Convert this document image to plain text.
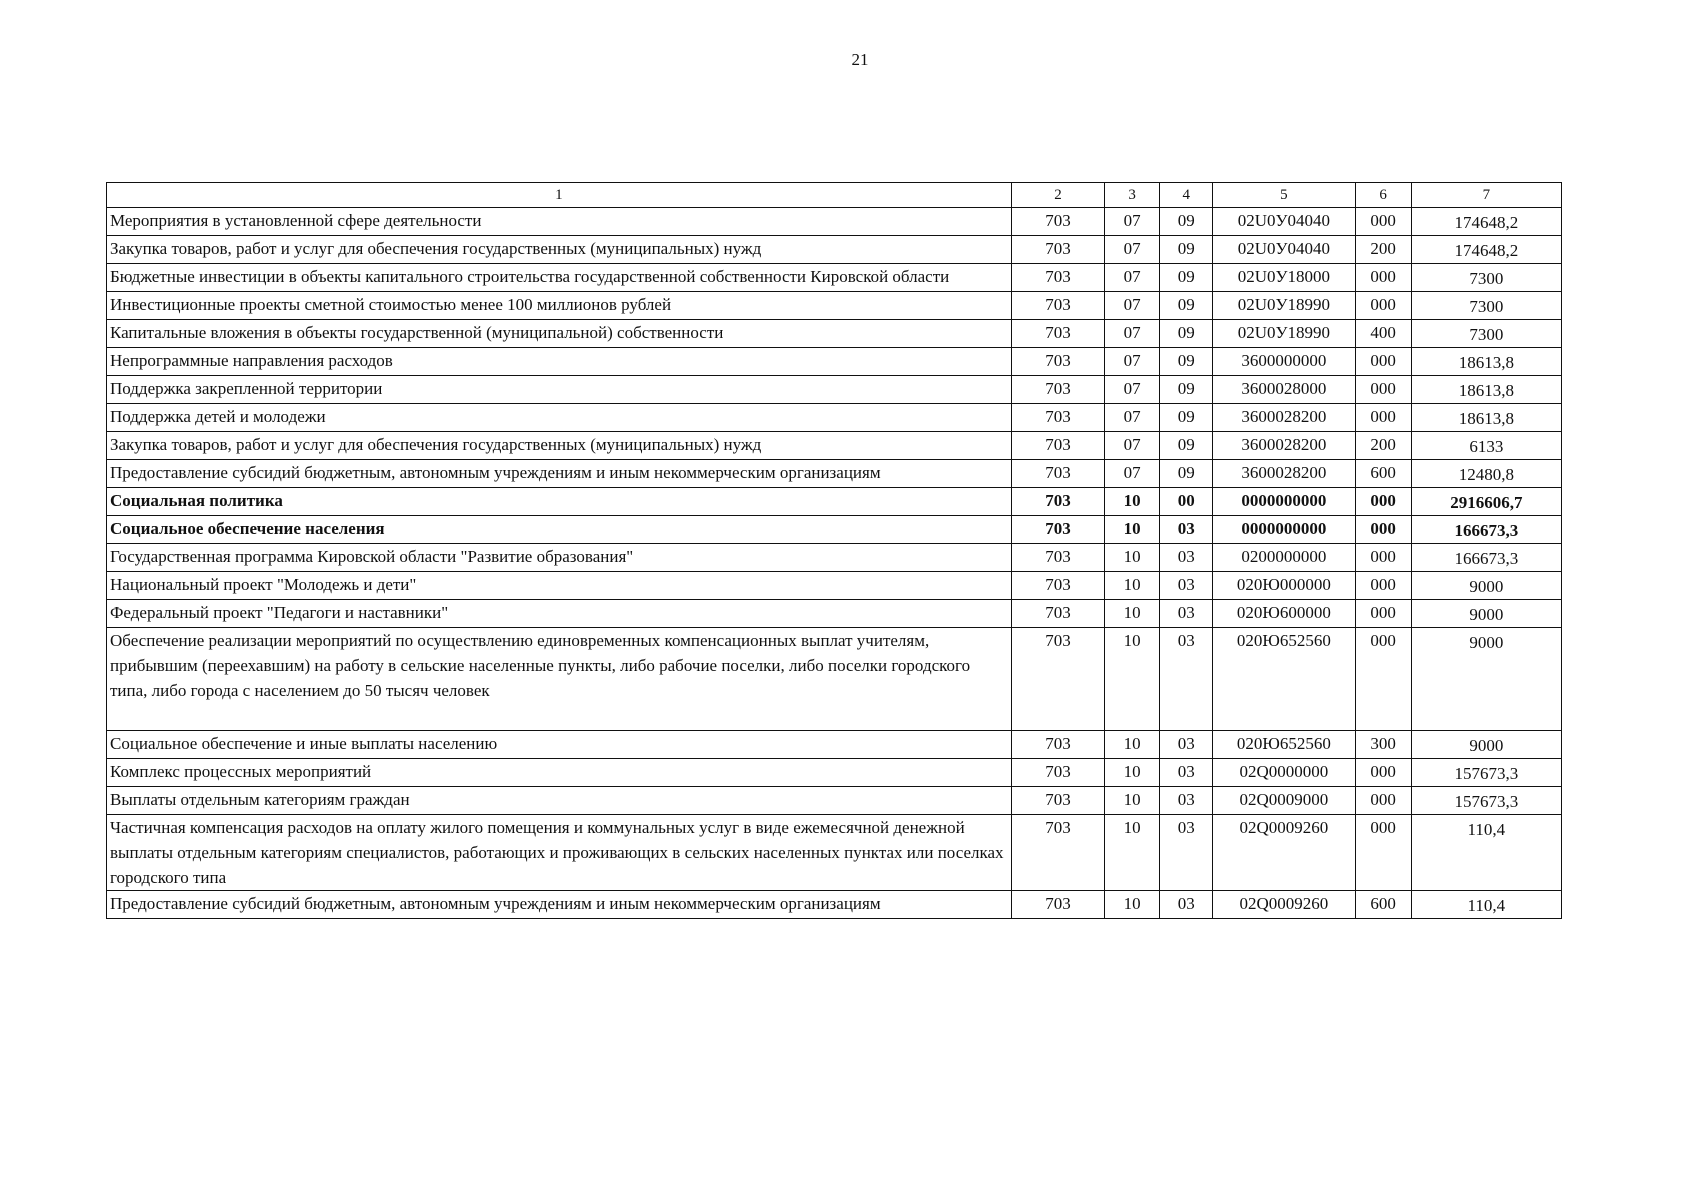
21
1	2	3	4	5	6	7
Мероприятия в установленной сфере деятельности	703	07	09	02U0У04040	000	174648,2
Закупка товаров, работ и услуг для обеспечения государственных (муниципальных) нужд	703	07	09	02U0У04040	200	174648,2
Бюджетные инвестиции в объекты капитального строительства государственной собственности Кировской области	703	07	09	02U0У18000	000	7300
Инвестиционные проекты сметной стоимостью менее 100 миллионов рублей	703	07	09	02U0У18990	000	7300
Капитальные вложения в объекты государственной (муниципальной) собственности	703	07	09	02U0У18990	400	7300
Непрограммные направления расходов	703	07	09	3600000000	000	18613,8
Поддержка закрепленной территории	703	07	09	3600028000	000	18613,8
Поддержка детей и молодежи	703	07	09	3600028200	000	18613,8
Закупка товаров, работ и услуг для обеспечения государственных (муниципальных) нужд	703	07	09	3600028200	200	6133
Предоставление субсидий бюджетным, автономным учреждениям и иным некоммерческим организациям	703	07	09	3600028200	600	12480,8
Социальная политика	703	10	00	0000000000	000	2916606,7
Социальное обеспечение населения	703	10	03	0000000000	000	166673,3
Государственная программа Кировской области "Развитие образования"	703	10	03	0200000000	000	166673,3
Национальный проект "Молодежь и дети"	703	10	03	020Ю000000	000	9000
Федеральный проект "Педагоги и наставники"	703	10	03	020Ю600000	000	9000
Обеспечение реализации мероприятий по осуществлению единовременных компенсационных выплат учителям, прибывшим (переехавшим) на работу в сельские населенные пункты, либо рабочие поселки, либо поселки городского типа, либо города с населением до 50 тысяч человек	703	10	03	020Ю652560	000	9000
Социальное обеспечение и иные выплаты населению	703	10	03	020Ю652560	300	9000
Комплекс процессных мероприятий	703	10	03	02Q0000000	000	157673,3
Выплаты отдельным категориям граждан	703	10	03	02Q0009000	000	157673,3
Частичная компенсация расходов на оплату жилого помещения и коммунальных услуг в виде ежемесячной денежной выплаты отдельным категориям специалистов, работающих и проживающих в сельских населенных пунктах или поселках городского типа	703	10	03	02Q0009260	000	110,4
Предоставление субсидий бюджетным, автономным учреждениям и иным некоммерческим организациям	703	10	03	02Q0009260	600	110,4
